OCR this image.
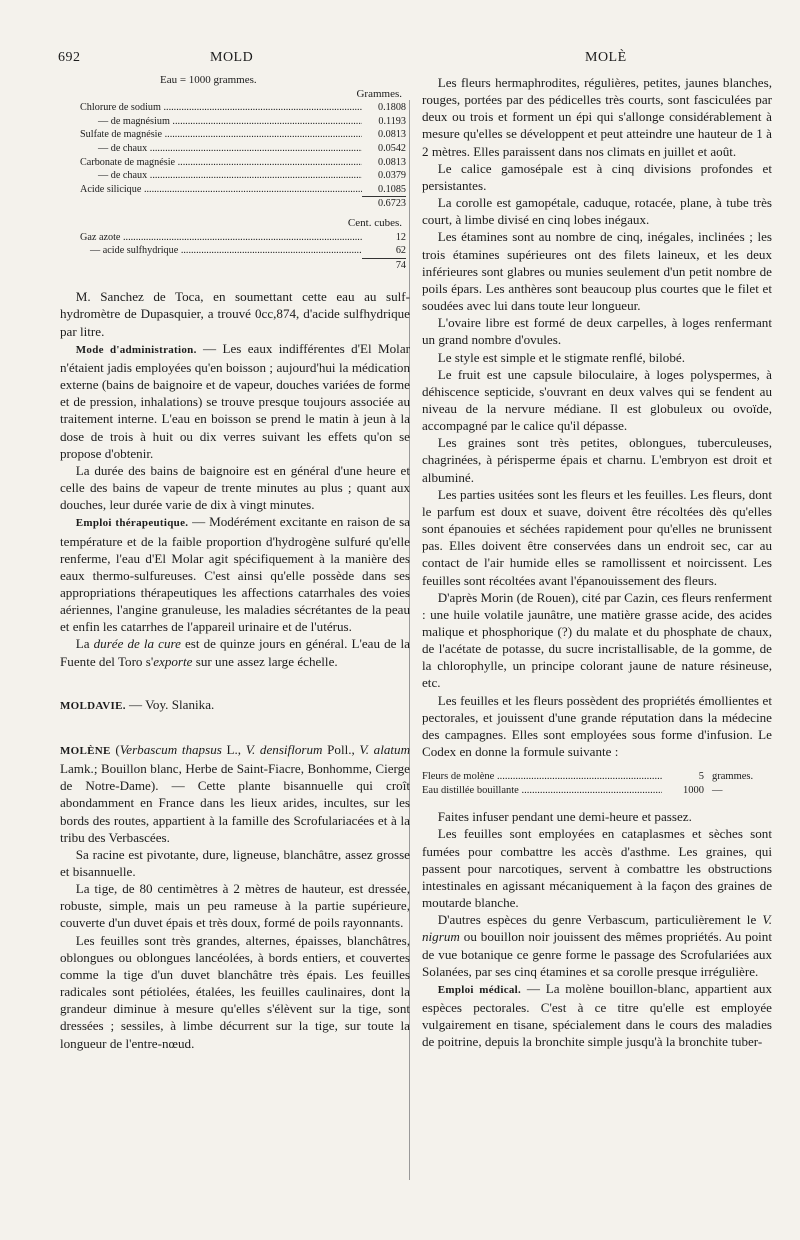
692	MOLD	MOLÈ
Eau = 1000 grammes.
Grammes.
Chlorure de sodium .....	0.1808
— de magnésium .....	0.1193
Sulfate de magnésie .....	0.0813
— de chaux .....	0.0542
Carbonate de magnésie .....	0.0813
— de chaux .....	0.0379
Acide silicique .....	0.1085
0.6723
Cent. cubes.
Gaz azote .....	12
— acide sulfhydrique .....	62
74

M. Sanchez de Toca, en soumettant cette eau au sulf-hydromètre de Dupasquier, a trouvé 0cc,874, d'acide sulfhydrique par litre.

Mode d'administration. — Les eaux indifférentes d'El Molar n'étaient jadis employées qu'en boisson ; aujourd'hui la médication externe (bains de baignoire et de vapeur, douches variées de forme et de pression, inhalations) se trouve presque toujours associée au traitement interne. L'eau en boisson se prend le matin à jeun à la dose de trois à huit ou dix verres suivant les effets qu'on se propose d'obtenir.

La durée des bains de baignoire est en général d'une heure et celle des bains de vapeur de trente minutes au plus ; quant aux douches, leur durée varie de dix à vingt minutes.

Emploi thérapeutique. — Modérément excitante en raison de sa température et de la faible proportion d'hydrogène sulfuré qu'elle renferme, l'eau d'El Molar agit spécifiquement à la manière des eaux thermo-sulfureuses. C'est ainsi qu'elle possède dans ses appropriations thérapeutiques les affections catarrhales des voies aériennes, l'angine granuleuse, les maladies sécrétantes de la peau et enfin les catarrhes de l'appareil urinaire et de l'utérus.

La durée de la cure est de quinze jours en général. L'eau de la Fuente del Toro s'exporte sur une assez large échelle.

MOLDAVIE. — Voy. Slanika.

MOLÈNE (Verbascum thapsus L., V. densiflorum Poll., V. alatum Lamk.; Bouillon blanc, Herbe de Saint-Fiacre, Bonhomme, Cierge de Notre-Dame). — Cette plante bisannuelle qui croît abondamment en France dans les lieux arides, incultes, sur les bords des routes, appartient à la famille des Scrofulariacées et à la tribu des Verbascées.

Sa racine est pivotante, dure, ligneuse, blanchâtre, assez grosse et bisannuelle.

La tige, de 80 centimètres à 2 mètres de hauteur, est dressée, robuste, simple, mais un peu rameuse à la partie supérieure, couverte d'un duvet épais et très doux, formé de poils rayonnants.

Les feuilles sont très grandes, alternes, épaisses, blanchâtres, oblongues ou oblongues lancéolées, à bords entiers, et couvertes comme la tige d'un duvet blanchâtre très épais. Les feuilles radicales sont pétiolées, étalées, les feuilles caulinaires, dont la grandeur diminue à mesure qu'elles s'élèvent sur la tige, sont dressées ; sessiles, à limbe décurrent sur la tige, sur toute la longueur de l'entre-nœud.

Les fleurs hermaphrodites, régulières, petites, jaunes blanches, rouges, portées par des pédicelles très courts, sont fasciculées par deux ou trois et forment un épi qui s'allonge considérablement à mesure qu'elles se développent et peut atteindre une hauteur de 1 à 2 mètres. Elles paraissent dans nos climats en juillet et août.

Le calice gamosépale est à cinq divisions profondes et persistantes.

La corolle est gamopétale, caduque, rotacée, plane, à tube très court, à limbe divisé en cinq lobes inégaux.

Les étamines sont au nombre de cinq, inégales, inclinées ; les trois étamines supérieures ont des filets laineux, et les deux inférieures sont glabres ou munies seulement d'un petit nombre de poils épars. Les anthères sont beaucoup plus courtes que le filet et soudées avec lui dans toute leur longueur.

L'ovaire libre est formé de deux carpelles, à loges renfermant un grand nombre d'ovules.

Le style est simple et le stigmate renflé, bilobé.

Le fruit est une capsule biloculaire, à loges polyspermes, à déhiscence septicide, s'ouvrant en deux valves qui se fendent au niveau de la nervure médiane. Il est globuleux ou ovoïde, accompagné par le calice qu'il dépasse.

Les graines sont très petites, oblongues, tuberculeuses, chagrinées, à périsperme épais et charnu. L'embryon est droit et albuminé.

Les parties usitées sont les fleurs et les feuilles. Les fleurs, dont le parfum est doux et suave, doivent être récoltées dès qu'elles sont épanouies et séchées rapidement pour qu'elles ne brunissent pas. Elles doivent être conservées dans un endroit sec, car au contact de l'air humide elles se ramollissent et noircissent. Les feuilles sont récoltées avant l'épanouissement des fleurs.

D'après Morin (de Rouen), cité par Cazin, ces fleurs renferment : une huile volatile jaunâtre, une matière grasse acide, des acides malique et phosphorique (?) du malate et du phosphate de chaux, de l'acétate de potasse, du sucre incristallisable, de la gomme, de la chlorophylle, un principe colorant jaune de nature résineuse, etc.

Les feuilles et les fleurs possèdent des propriétés émollientes et pectorales, et jouissent d'une grande réputation dans la médecine des campagnes. Elles sont employées sous forme d'infusion. Le Codex en donne la formule suivante :

Fleurs de molène .....	5 grammes.
Eau distillée bouillante .....	1000 —

Faites infuser pendant une demi-heure et passez.

Les feuilles sont employées en cataplasmes et sèches sont fumées pour combattre les accès d'asthme. Les graines, qui passent pour narcotiques, servent à combattre les obstructions intestinales en agissant mécaniquement à la façon des graines de moutarde blanche.

D'autres espèces du genre Verbascum, particulièrement le V. nigrum ou bouillon noir jouissent des mêmes propriétés. Au point de vue botanique ce genre forme le passage des Scrofulariées aux Solanées, par ses cinq étamines et sa corolle presque irrégulière.

Emploi médical. — La molène bouillon-blanc, appartient aux espèces pectorales. C'est à ce titre qu'elle est employée vulgairement en tisane, spécialement dans le cours des maladies de poitrine, depuis la bronchite simple jusqu'à la bronchite tuber-
